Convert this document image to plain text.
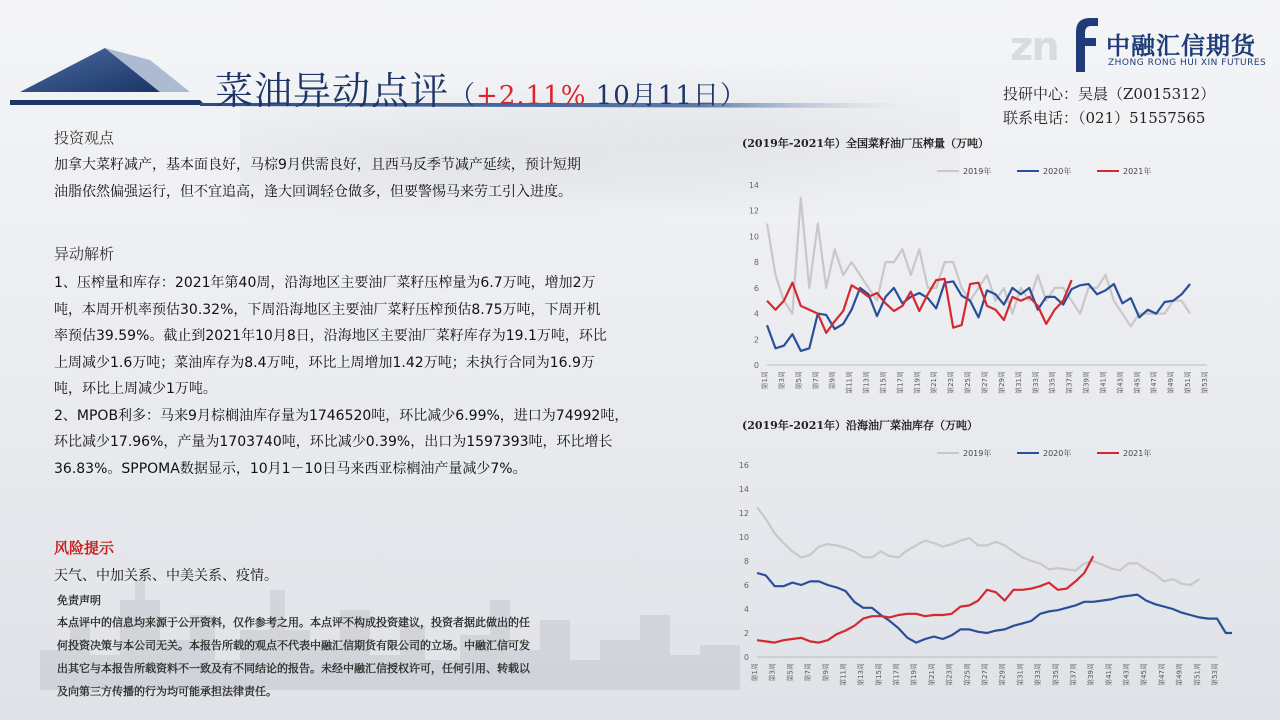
菜油异动点评（+2.11% 10月11日）
zn 中融汇信期货
ZHONG RONG HUI XIN FUTURES
投研中心：吴晨（Z0015312）
联系电话：（021）51557565
投资观点
加拿大菜籽减产，基本面良好，马棕9月供需良好，且西马反季节减产延续，预计短期
油脂依然偏强运行，但不宜追高，逢大回调轻仓做多，但要警惕马来劳工引入进度。
异动解析
1、压榨量和库存：2021年第40周，沿海地区主要油厂菜籽压榨量为6.7万吨，增加2万
吨，本周开机率预估30.32%，下周沿海地区主要油厂菜籽压榨预估8.75万吨，下周开机
率预估39.59%。截止到2021年10月8日，沿海地区主要油厂菜籽库存为19.1万吨，环比
上周减少1.6万吨；菜油库存为8.4万吨，环比上周增加1.42万吨；未执行合同为16.9万
吨，环比上周减少1万吨。
2、MPOB利多：马来9月棕榈油库存量为1746520吨，环比减少6.99%，进口为74992吨，
环比减少17.96%，产量为1703740吨，环比减少0.39%，出口为1597393吨，环比增长
36.83%。SPPOMA数据显示，10月1－10日马来西亚棕榈油产量减少7%。
风险提示
天气、中加关系、中美关系、疫情。
免责声明
本点评中的信息均来源于公开资料，仅作参考之用。本点评不构成投资建议，投资者据此做出的任
何投资决策与本公司无关。本报告所载的观点不代表中融汇信期货有限公司的立场。中融汇信可发
出其它与本报告所载资料不一致及有不同结论的报告。未经中融汇信授权许可，任何引用、转载以
及向第三方传播的行为均可能承担法律责任。
(2019年-2021年）全国菜籽油厂压榨量（万吨）
0
2
4
6
8
10
12
14
第1周 第3周 第5周 第7周 第9周 第11周 第13周 第15周 第17周 第19周 第21周 第23周 第25周 第27周 第29周 第31周 第33周 第35周 第37周 第39周 第41周 第43周 第45周 第47周 第49周 第51周 第53周
2019年	2020年	2021年
(2019年-2021年）沿海油厂菜油库存（万吨）
0
2
4
6
8
10
12
14
16
第1周 第3周 第5周 第7周 第9周 第11周 第13周 第15周 第17周 第19周 第21周 第23周 第25周 第27周 第29周 第31周 第33周 第35周 第37周 第39周 第41周 第43周 第45周 第47周 第49周 第51周 第53周
2019年	2020年	2021年
